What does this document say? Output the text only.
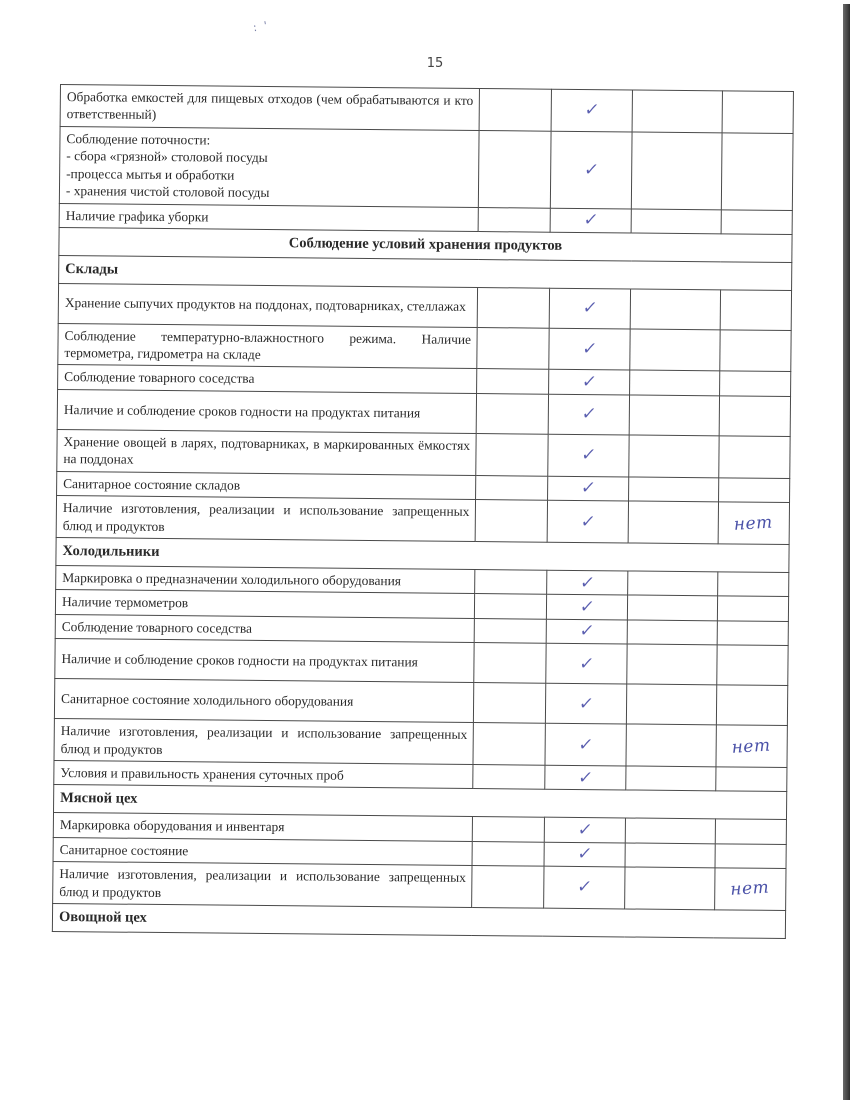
: '
15
Обработка емкостей для пищевых отходов (чем обрабатываются и кто ответственный)		✓		

Соблюдение поточности:
- сбора «грязной» столовой посуды
-процесса мытья и обработки
- хранения чистой столовой посуды		✓		
Наличие графика уборки		✓		
Соблюдение условий хранения продуктов				
Склады				
Хранение сыпучих продуктов на поддонах, подтоварниках, стеллажах		✓		
Соблюдение температурно-влажностного режима. Наличие термометра, гидрометра на складе		✓		
Соблюдение товарного соседства		✓		
Наличие и соблюдение сроков годности на продуктах питания		✓		
Хранение овощей в ларях, подтоварниках, в маркированных ёмкостях на поддонах		✓		
Санитарное состояние складов		✓		
Наличие изготовления, реализации и использование запрещенных блюд и продуктов		✓		нет
Холодильники				
Маркировка о предназначении холодильного оборудования		✓		
Наличие термометров		✓		
Соблюдение товарного соседства		✓		
Наличие и соблюдение сроков годности на продуктах питания		✓		
Санитарное состояние холодильного оборудования		✓		
Наличие изготовления, реализации и использование запрещенных блюд и продуктов		✓		нет
Условия и правильность хранения суточных проб		✓		
Мясной цех				
Маркировка оборудования и инвентаря		✓		
Санитарное состояние		✓		
Наличие изготовления, реализации и использование запрещенных блюд и продуктов		✓		нет
Овощной цех				
